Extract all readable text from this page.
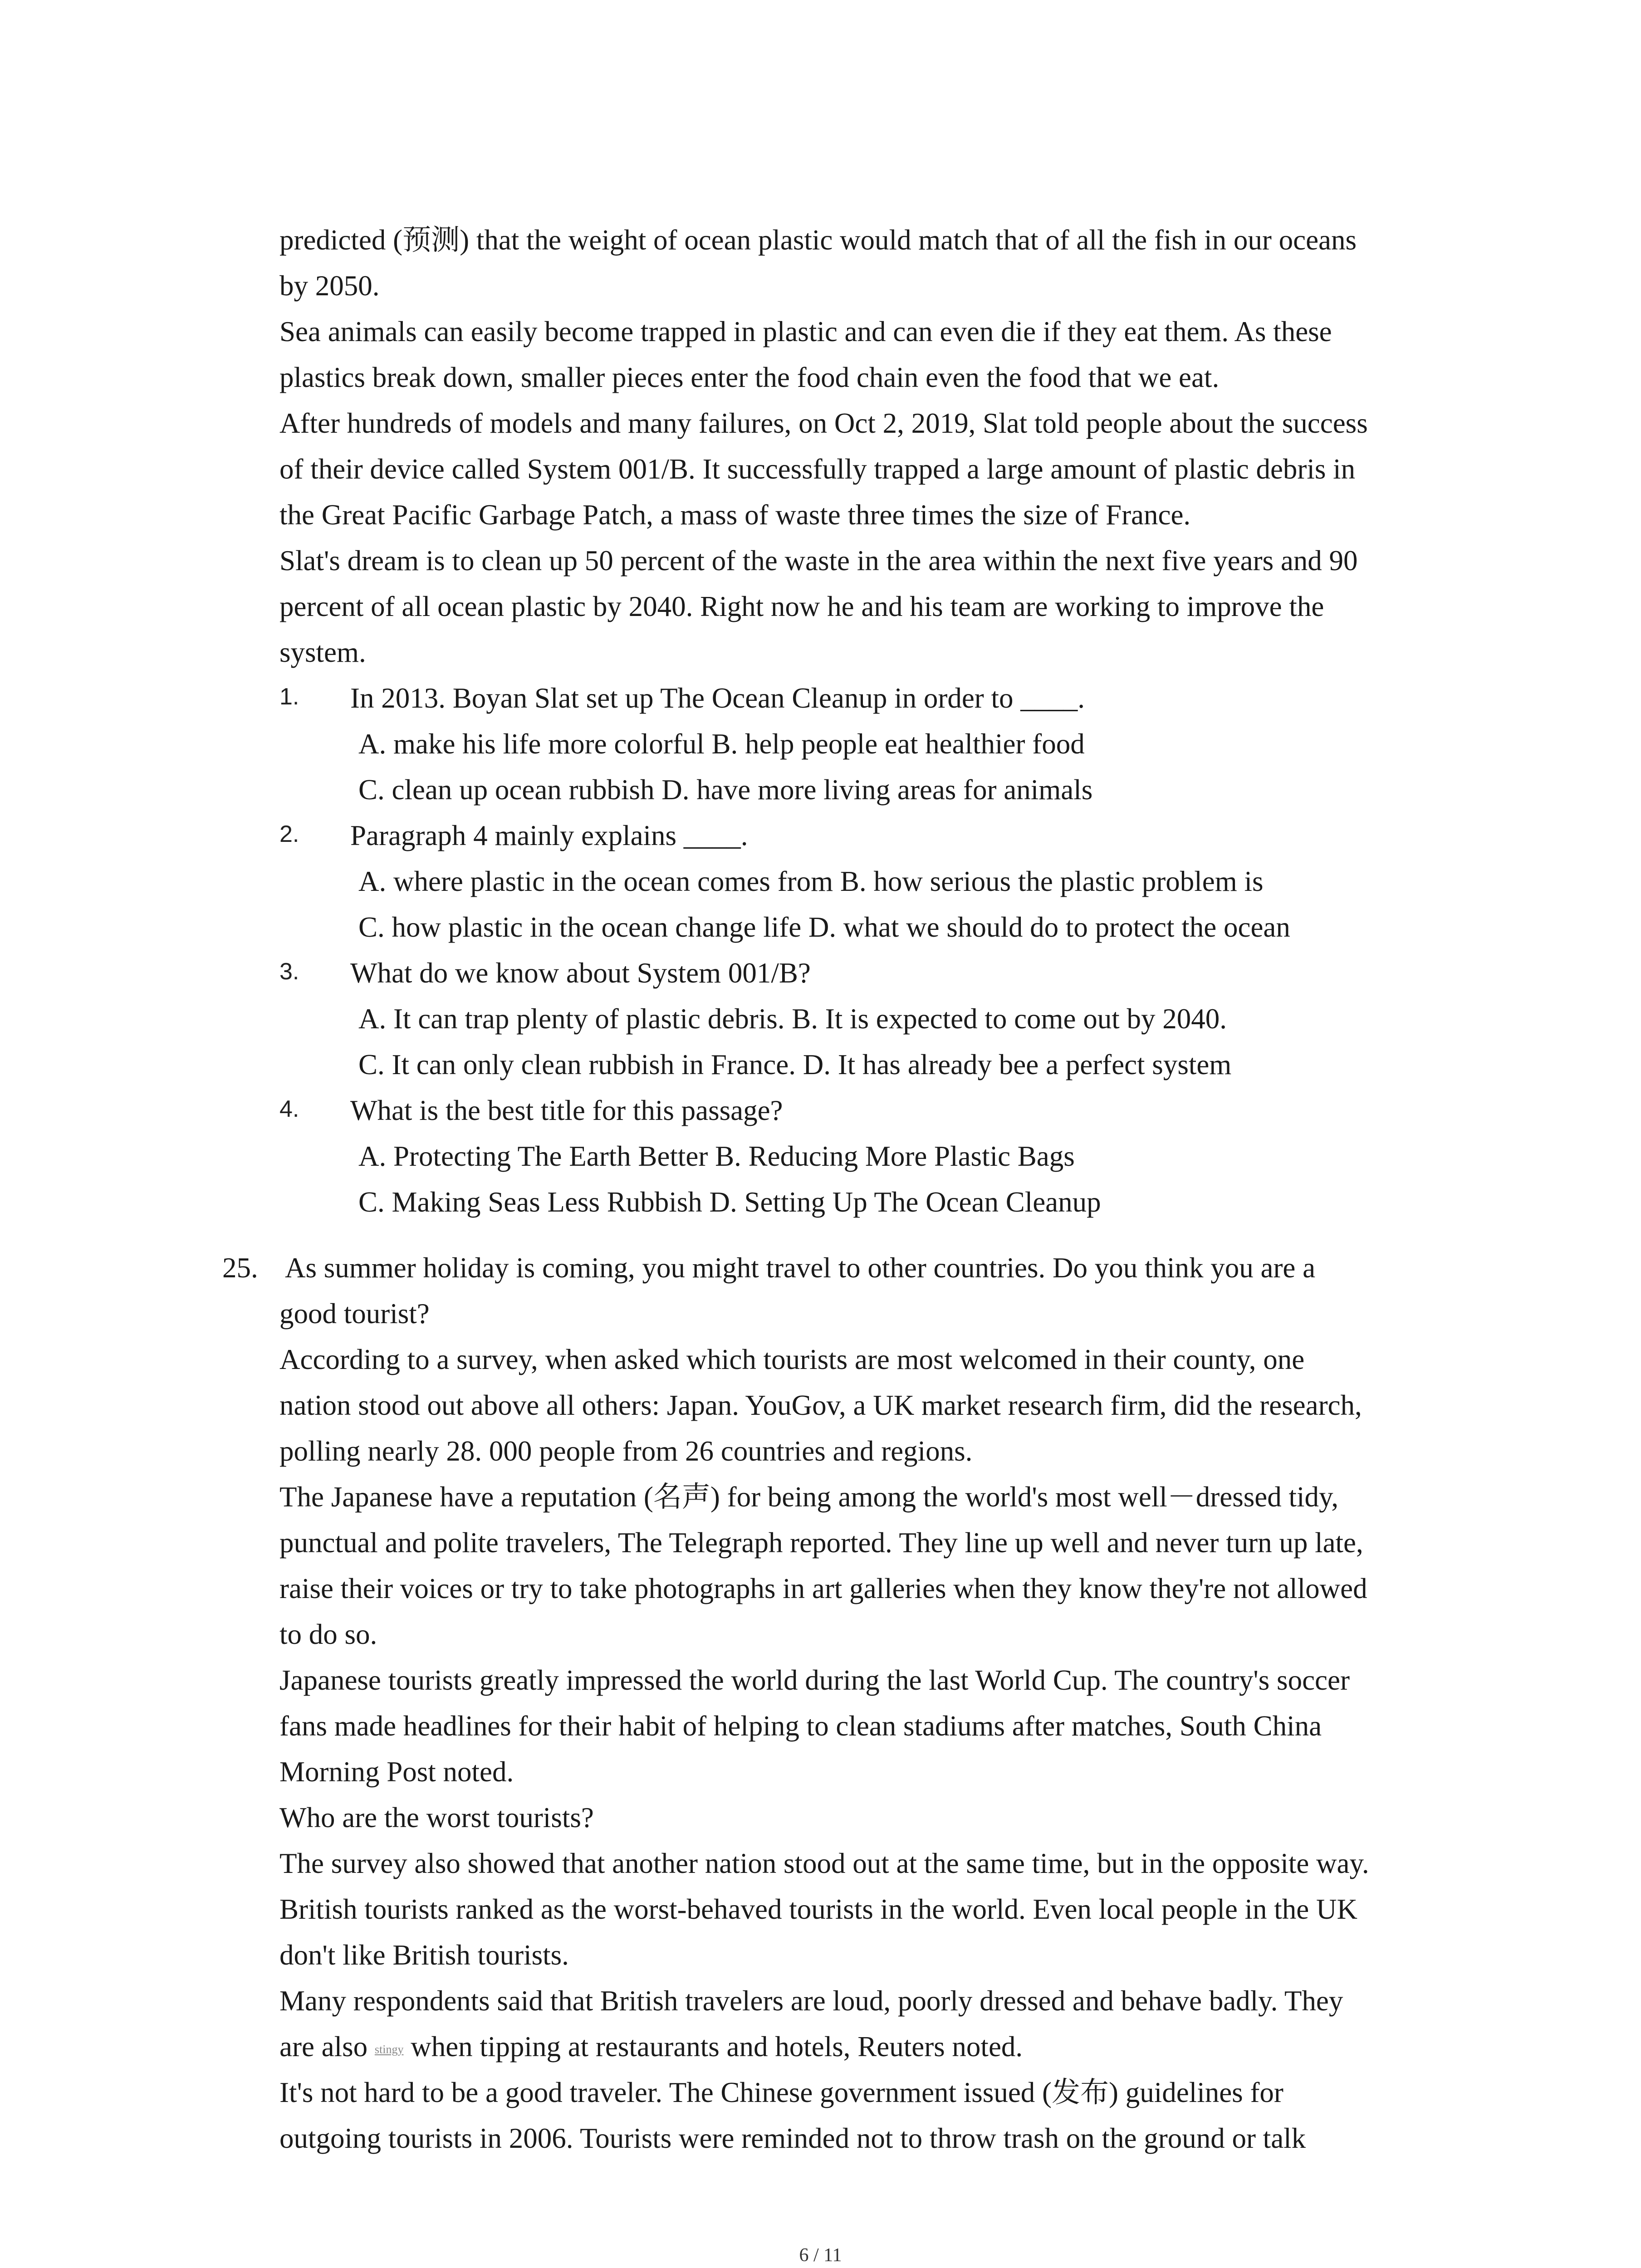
predicted (预测) that the weight of ocean plastic would match that of all the fish in our oceans

by 2050.

Sea animals can easily become trapped in plastic and can even die if they eat them. As these

plastics break down, smaller pieces enter the food chain even the food that we eat.

After hundreds of models and many failures, on Oct 2, 2019, Slat told people about the success

of their device called System 001/B. It successfully trapped a large amount of plastic debris in

the Great Pacific Garbage Patch, a mass of waste three times the size of France.

Slat's dream is to clean up 50 percent of the waste in the area within the next five years and 90

percent of all ocean plastic by 2040. Right now he and his team are working to improve the

system.

1. In 2013. Boyan Slat set up The Ocean Cleanup in order to ____.

A. make his life more colorful B. help people eat healthier food

C. clean up ocean rubbish D. have more living areas for animals

2. Paragraph 4 mainly explains ____.

A. where plastic in the ocean comes from B. how serious the plastic problem is

C. how plastic in the ocean change life D. what we should do to protect the ocean

3. What do we know about System 001/B?

A. It can trap plenty of plastic debris. B. It is expected to come out by 2040.

C. It can only clean rubbish in France. D. It has already bee a perfect system

4. What is the best title for this passage?

A. Protecting The Earth Better B. Reducing More Plastic Bags

C. Making Seas Less Rubbish D. Setting Up The Ocean Cleanup

25. As summer holiday is coming, you might travel to other countries. Do you think you are a

good tourist?

According to a survey, when asked which tourists are most welcomed in their county, one

nation stood out above all others: Japan. YouGov, a UK market research firm, did the research,

polling nearly 28. 000 people from 26 countries and regions.

The Japanese have a reputation (名声) for being among the world's most well－dressed tidy,

punctual and polite travelers, The Telegraph reported. They line up well and never turn up late,

raise their voices or try to take photographs in art galleries when they know they're not allowed

to do so.

Japanese tourists greatly impressed the world during the last World Cup. The country's soccer

fans made headlines for their habit of helping to clean stadiums after matches, South China

Morning Post noted.

Who are the worst tourists?

The survey also showed that another nation stood out at the same time, but in the opposite way.

British tourists ranked as the worst-behaved tourists in the world. Even local people in the UK

don't like British tourists.

Many respondents said that British travelers are loud, poorly dressed and behave badly. They

are also stingy when tipping at restaurants and hotels, Reuters noted.

It's not hard to be a good traveler. The Chinese government issued (发布) guidelines for

outgoing tourists in 2006. Tourists were reminded not to throw trash on the ground or talk

6 / 11
